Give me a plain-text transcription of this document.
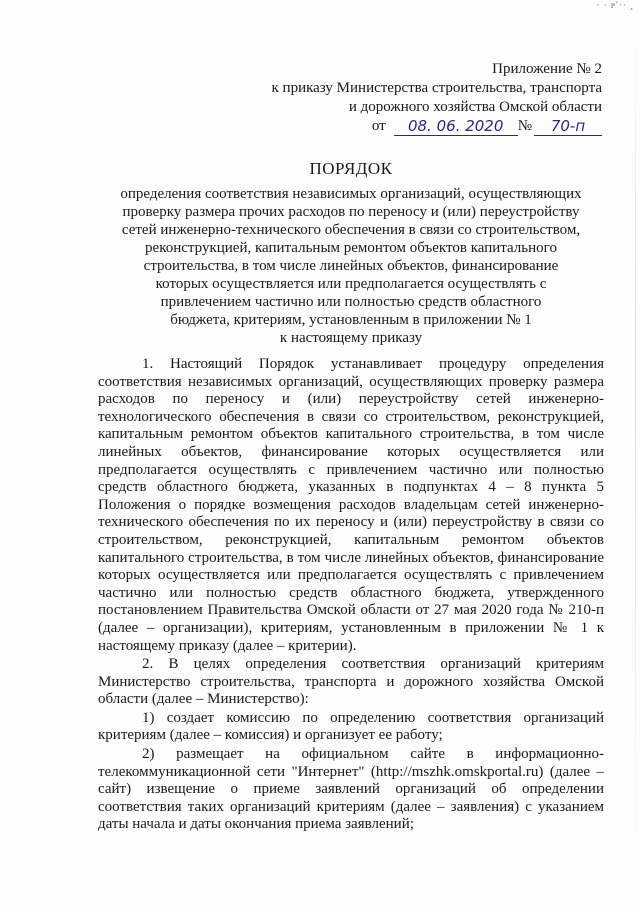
· · ᴘ'·· ¸
Приложение № 2
к приказу Министерства строительства, транспорта
и дорожного хозяйства Омской области
от	08. 06. 2020 №	70-п
ПОРЯДОК
определения соответствия независимых организаций, осуществляющих
проверку размера прочих расходов по переносу и (или) переустройству
сетей инженерно-технического обеспечения в связи со строительством,
реконструкцией, капитальным ремонтом объектов капитального
строительства, в том числе линейных объектов, финансирование
которых осуществляется или предполагается осуществлять с
привлечением частично или полностью средств областного
бюджета, критериям, установленным в приложении № 1
к настоящему приказу

1. Настоящий Порядок устанавливает процедуру определения соответствия независимых организаций, осуществляющих проверку размера расходов по переносу и (или) переустройству сетей инженерно-технологического обеспечения в связи со строительством, реконструкцией, капитальным ремонтом объектов капитального строительства, в том числе линейных объектов, финансирование которых осуществляется или предполагается осуществлять с привлечением частично или полностью средств областного бюджета, указанных в подпунктах 4 – 8 пункта 5 Положения о порядке возмещения расходов владельцам сетей инженерно-технического обеспечения по их переносу и (или) переустройству в связи со строительством, реконструкцией, капитальным ремонтом объектов капитального строительства, в том числе линейных объектов, финансирование которых осуществляется или предполагается осуществлять с привлечением частично или полностью средств областного бюджета, утвержденного постановлением Правительства Омской области от 27 мая 2020 года № 210-п (далее – организации), критериям, установленным в приложении № 1 к настоящему приказу (далее – критерии).

2. В целях определения соответствия организаций критериям Министерство строительства, транспорта и дорожного хозяйства Омской области (далее – Министерство):

1) создает комиссию по определению соответствия организаций критериям (далее – комиссия) и организует ее работу;

2) размещает на официальном сайте в информационно-телекоммуникационной сети "Интернет" (http://mszhk.omskportal.ru) (далее – сайт) извещение о приеме заявлений организаций об определении соответствия таких организаций критериям (далее – заявления) с указанием даты начала и даты окончания приема заявлений;
